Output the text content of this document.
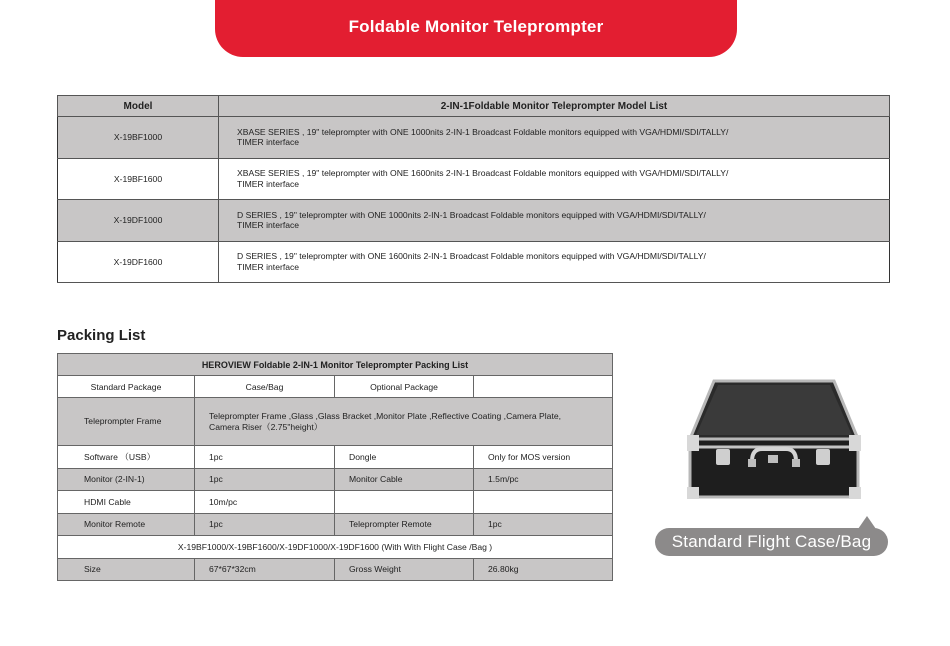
Foldable Monitor Teleprompter
Model	2-IN-1Foldable Monitor Teleprompter Model List
X-19BF1000	XBASE SERIES , 19" teleprompter with ONE 1000nits 2-IN-1 Broadcast Foldable monitors equipped with VGA/HDMI/SDI/TALLY/
TIMER interface
X-19BF1600	XBASE SERIES , 19" teleprompter with ONE 1600nits 2-IN-1 Broadcast Foldable monitors equipped with VGA/HDMI/SDI/TALLY/
TIMER interface
X-19DF1000	D SERIES , 19" teleprompter with ONE 1000nits 2-IN-1 Broadcast Foldable monitors equipped with VGA/HDMI/SDI/TALLY/
TIMER interface
X-19DF1600	D SERIES , 19" teleprompter with ONE 1600nits 2-IN-1 Broadcast Foldable monitors equipped with VGA/HDMI/SDI/TALLY/
TIMER interface
Packing List
HEROVIEW Foldable 2-IN-1 Monitor Teleprompter Packing List			
Standard Package	Case/Bag	Optional Package	
Teleprompter Frame	Teleprompter Frame ,Glass ,Glass Bracket ,Monitor Plate ,Reflective Coating ,Camera Plate,
Camera Riser（2.75"height）		
Software （USB）	1pc	Dongle	Only for MOS version
Monitor (2-IN-1)	1pc	Monitor Cable	1.5m/pc
HDMI Cable	10m/pc		
Monitor Remote	1pc	Teleprompter Remote	1pc
X-19BF1000/X-19BF1600/X-19DF1000/X-19DF1600 (With With Flight Case /Bag )			
Size	67*67*32cm	Gross Weight	26.80kg
Standard Flight Case/Bag
